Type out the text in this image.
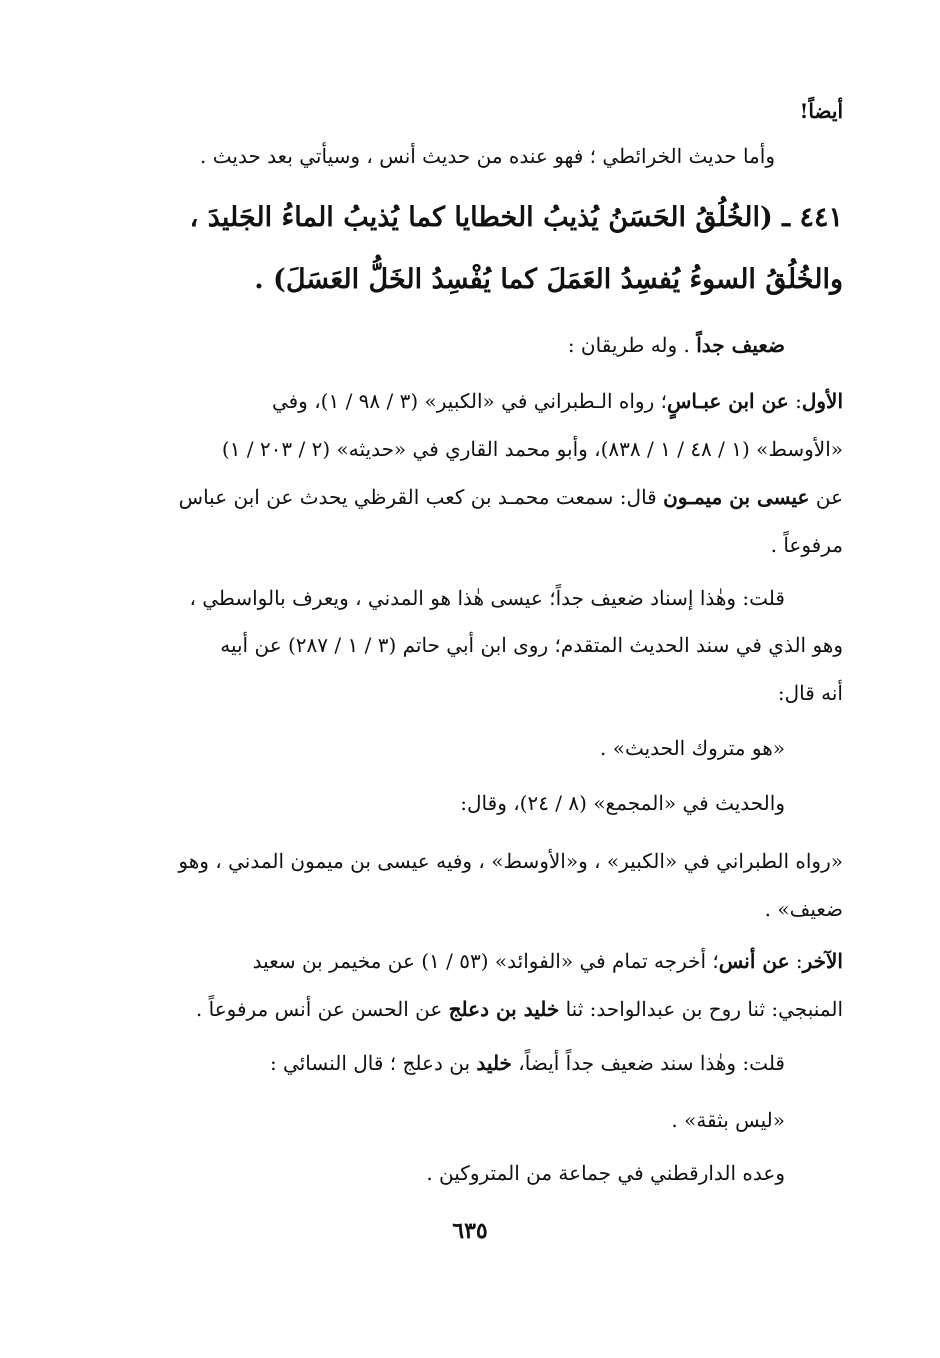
أيضاً!
وأما حديث الخرائطي ؛ فهو عنده من حديث أنس ، وسيأتي بعد حديث .
٤٤١ ـ (الخُلُقُ الحَسَنُ يُذيبُ الخطايا كما يُذيبُ الماءُ الجَليدَ ،
والخُلُقُ السوءُ يُفسِدُ العَمَلَ كما يُفْسِدُ الخَلُّ العَسَلَ) .
ضعيف جداً . وله طريقان :
الأول: عن ابن عبـاسٍ؛ رواه الـطبراني في «الكبير» (٣ / ٩٨ / ١)، وفي
«الأوسط» (١ / ٤٨ / ١ / ٨٣٨)، وأبو محمد القاري في «حديثه» (٢ / ٢٠٣ / ١)
عن عيسى بن ميمـون قال: سمعت محمـد بن كعب القرظي يحدث عن ابن عباس
مرفوعاً .
قلت: وهٰذا إسناد ضعيف جداً؛ عيسى هٰذا هو المدني ، ويعرف بالواسطي ،
وهو الذي في سند الحديث المتقدم؛ روى ابن أبي حاتم (٣ / ١ / ٢٨٧) عن أبيه
أنه قال:
«هو متروك الحديث» .
والحديث في «المجمع» (٨ / ٢٤)، وقال:
«رواه الطبراني في «الكبير» ، و«الأوسط» ، وفيه عيسى بن ميمون المدني ، وهو
ضعيف» .
الآخر: عن أنس؛ أخرجه تمام في «الفوائد» (٥٣ / ١) عن مخيمر بن سعيد
المنبجي: ثنا روح بن عبدالواحد: ثنا خليد بن دعلج عن الحسن عن أنس مرفوعاً .
قلت: وهٰذا سند ضعيف جداً أيضاً، خليد بن دعلج ؛ قال النسائي :
«ليس بثقة» .
وعده الدارقطني في جماعة من المتروكين .
٦٣٥
